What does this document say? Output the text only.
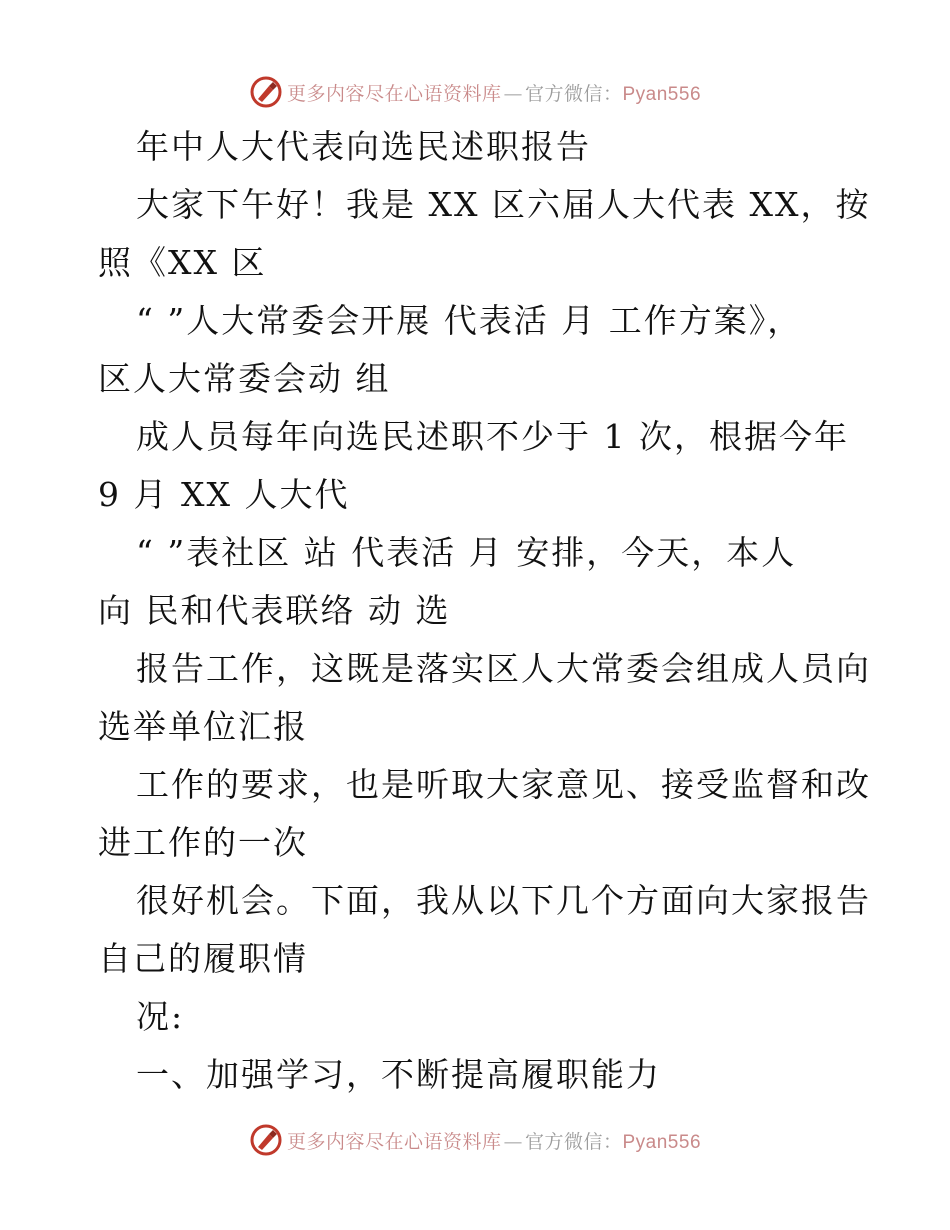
更多内容尽在心语资料库 — 官方微信：Pyan556
年中人大代表向选民述职报告
大家下午好！我是 XX 区六届人大代表 XX，按
照《XX 区
“ ”人大常委会开展 代表活 月 工作方案》，
区人大常委会动 组
成人员每年向选民述职不少于 1 次，根据今年
9 月 XX 人大代
“ ”表社区 站 代表活 月 安排，今天，本人
向 民和代表联络 动 选
报告工作，这既是落实区人大常委会组成人员向
选举单位汇报
工作的要求，也是听取大家意见、接受监督和改
进工作的一次
很好机会。下面，我从以下几个方面向大家报告
自己的履职情
况:
一、加强学习，不断提高履职能力
更多内容尽在心语资料库 — 官方微信：Pyan556
